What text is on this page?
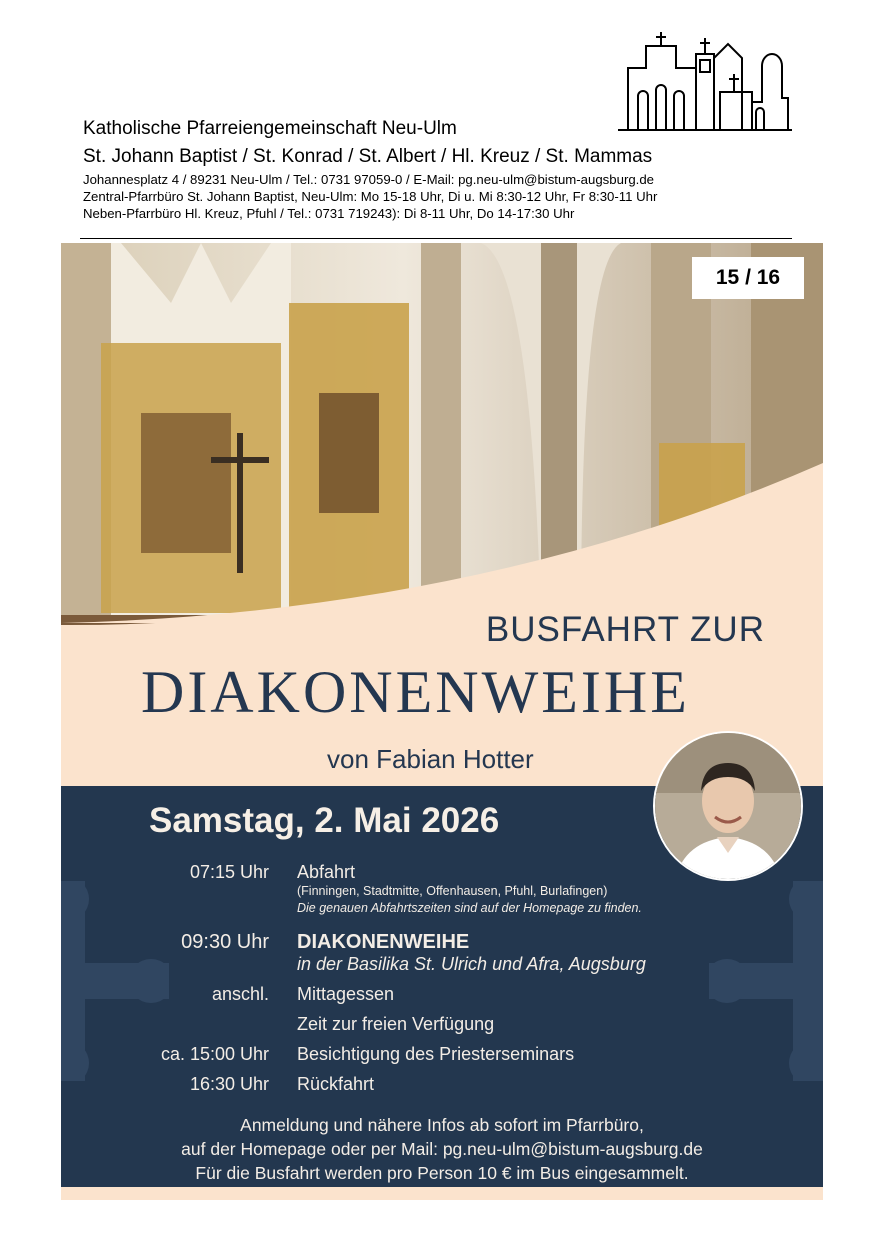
Katholische Pfarreiengemeinschaft Neu-Ulm
St. Johann Baptist / St. Konrad / St. Albert / Hl. Kreuz / St. Mammas
Johannesplatz 4 / 89231 Neu-Ulm / Tel.: 0731 97059-0 / E-Mail: pg.neu-ulm@bistum-augsburg.de
Zentral-Pfarrbüro St. Johann Baptist, Neu-Ulm: Mo 15-18 Uhr, Di u. Mi 8:30-12 Uhr, Fr 8:30-11 Uhr
Neben-Pfarrbüro Hl. Kreuz, Pfuhl / Tel.: 0731 719243): Di 8-11 Uhr, Do 14-17:30 Uhr
15 / 16
BUSFAHRT ZUR
DIAKONENWEIHE
von Fabian Hotter
Samstag, 2. Mai 2026
07:15 Uhr Abfahrt
(Finningen, Stadtmitte, Offenhausen, Pfuhl, Burlafingen)
Die genauen Abfahrtszeiten sind auf der Homepage zu finden.
09:30 Uhr DIAKONENWEIHE
in der Basilika St. Ulrich und Afra, Augsburg
anschl. Mittagessen
Zeit zur freien Verfügung
ca. 15:00 Uhr Besichtigung des Priesterseminars
16:30 Uhr Rückfahrt
Anmeldung und nähere Infos ab sofort im Pfarrbüro,
auf der Homepage oder per Mail: pg.neu-ulm@bistum-augsburg.de
Für die Busfahrt werden pro Person 10 € im Bus eingesammelt.
